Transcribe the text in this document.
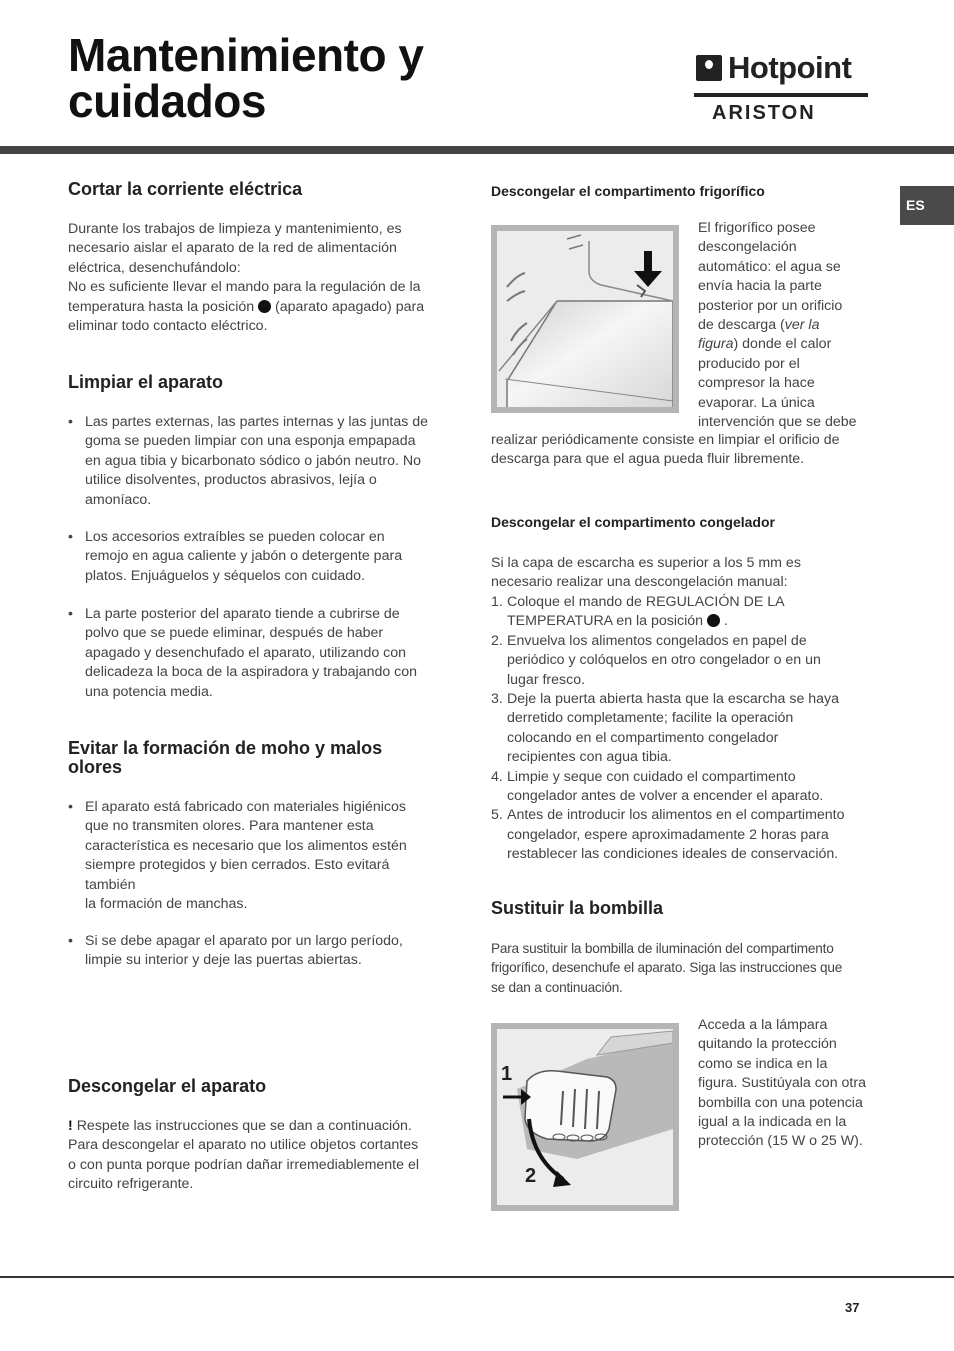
Mantenimiento y
cuidados
Hotpoint
ARISTON
ES
Cortar la corriente eléctrica
Durante los trabajos de limpieza y mantenimiento, es
necesario aislar el aparato de la red de alimentación
eléctrica, desenchufándolo:
No es suficiente llevar el mando para la regulación de la
temperatura hasta la posición (aparato apagado) para
eliminar todo contacto eléctrico.
Limpiar el aparato
• Las partes externas, las partes internas y las juntas de
goma se pueden limpiar con una esponja empapada
en agua tibia y bicarbonato sódico o jabón neutro. No
utilice disolventes, productos abrasivos, lejía o
amoníaco.
• Los accesorios extraíbles se pueden colocar en
remojo en agua caliente y jabón o detergente para
platos. Enjuáguelos y séquelos con cuidado.
• La parte posterior del aparato tiende a cubrirse de
polvo que se puede eliminar, después de haber
apagado y desenchufado el aparato, utilizando con
delicadeza la boca de la aspiradora y trabajando con
una potencia media.
Evitar la formación de moho y malos
olores
• El aparato está fabricado con materiales higiénicos
que no transmiten olores. Para mantener esta
característica es necesario que los alimentos estén
siempre protegidos y bien cerrados. Esto evitará
también
la formación de manchas.
• Si se debe apagar el aparato por un largo período,
limpie su interior y deje las puertas abiertas.
Descongelar el aparato
! Respete las instrucciones que se dan a continuación.
Para descongelar el aparato no utilice objetos cortantes
o con punta porque podrían dañar irremediablemente el
circuito refrigerante.
Descongelar el compartimento frigorífico
El frigorífico posee
descongelación
automático: el agua se
envía hacia la parte
posterior por un orificio
de descarga (ver la
figura) donde el calor
producido por el
compresor la hace
evaporar. La única
intervención que se debe
realizar periódicamente consiste en limpiar el orificio de
descarga para que el agua pueda fluir libremente.
Descongelar el compartimento congelador
Si la capa de escarcha es superior a los 5 mm es
necesario realizar una descongelación manual:
1. Coloque el mando de REGULACIÓN DE LA
TEMPERATURA en la posición .
2. Envuelva los alimentos congelados en papel de
periódico y colóquelos en otro congelador o en un
lugar fresco.
3. Deje la puerta abierta hasta que la escarcha se haya
derretido completamente; facilite la operación
colocando en el compartimento congelador
recipientes con agua tibia.
4. Limpie y seque con cuidado el compartimento
congelador antes de volver a encender el aparato.
5. Antes de introducir los alimentos en el compartimento
congelador, espere aproximadamente 2 horas para
restablecer las condiciones ideales de conservación.
Sustituir la bombilla
Para sustituir la bombilla de iluminación del compartimento
frigorífico, desenchufe el aparato. Siga las instrucciones que
se dan a continuación.
1
2
Acceda a la lámpara
quitando la protección
como se indica en la
figura. Sustitúyala con otra
bombilla con una potencia
igual a la indicada en la
protección (15 W o 25 W).
37
